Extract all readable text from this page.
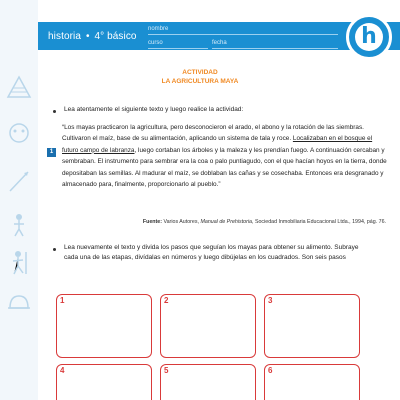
historia • 4° básico
nombre
curso	fecha	h
ACTIVIDAD
LA AGRICULTURA MAYA
Lea atentamente el siguiente texto y luego realice la actividad:
1
“Los mayas practicaron la agricultura, pero desconocieron el arado, el abono y la rotación de las siembras. Cultivaron el maíz, base de su alimentación, aplicando un sistema de tala y roce. Localizaban en el bosque el futuro campo de labranza, luego cortaban los árboles y la maleza y les prendían fuego. A continuación cercaban y sembraban. El instrumento para sembrar era la coa o palo puntiagudo, con el que hacían hoyos en la tierra, donde depositaban las semillas. Al madurar el maíz, se doblaban las cañas y se cosechaba. Entonces era desgranado y almacenado para, finalmente, proporcionarlo al pueblo.”
Fuente: Varios Autores, Manual de Prehistoria, Sociedad Inmobiliaria Educacional Ltda., 1994, pág. 76.
Lea nuevamente el texto y divida los pasos que seguían los mayas para obtener su alimento. Subraye cada una de las etapas, divídalas en números y luego dibújelas en los cuadrados. Son seis pasos
1	2	3
4	5	6
